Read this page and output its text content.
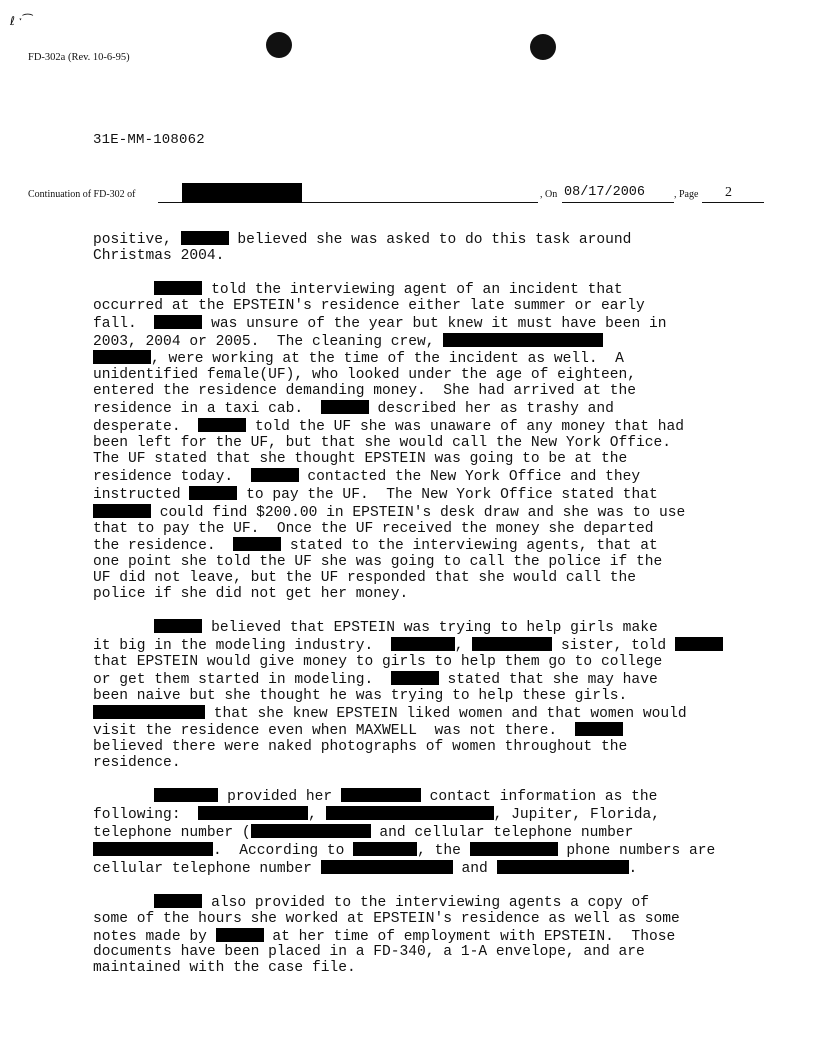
ℓ ˑ⁀
FD-302a (Rev. 10-6-95)
31E-MM-108062
Continuation of FD-302 of	, On 08/17/2006	, Page 2
positive,	believed she was asked to do this task around
Christmas 2004.
told the interviewing agent of an incident that
occurred at the EPSTEIN's residence either late summer or early
fall.	was unsure of the year but knew it must have been in
2003, 2004 or 2005.  The cleaning crew,
, were working at the time of the incident as well.  A
unidentified female(UF), who looked under the age of eighteen,
entered the residence demanding money.  She had arrived at the
residence in a taxi cab.	described her as trashy and
desperate.	told the UF she was unaware of any money that had
been left for the UF, but that she would call the New York Office.
The UF stated that she thought EPSTEIN was going to be at the
residence today.	contacted the New York Office and they
instructed	to pay the UF.  The New York Office stated that
could find $200.00 in EPSTEIN's desk draw and she was to use
that to pay the UF.  Once the UF received the money she departed
the residence.	stated to the interviewing agents, that at
one point she told the UF she was going to call the police if the
UF did not leave, but the UF responded that she would call the
police if she did not get her money.
believed that EPSTEIN was trying to help girls make
it big in the modeling industry.	,	sister, told
that EPSTEIN would give money to girls to help them go to college
or get them started in modeling.	stated that she may have
been naive but she thought he was trying to help these girls.
that she knew EPSTEIN liked women and that women would
visit the residence even when MAXWELL  was not there.
believed there were naked photographs of women throughout the
residence.
provided her	contact information as the
following:	,	, Jupiter, Florida,
telephone number (	and cellular telephone number
.  According to	, the	phone numbers are
cellular telephone number	and	.
also provided to the interviewing agents a copy of
some of the hours she worked at EPSTEIN's residence as well as some
notes made by	at her time of employment with EPSTEIN.  Those
documents have been placed in a FD-340, a 1-A envelope, and are
maintained with the case file.
